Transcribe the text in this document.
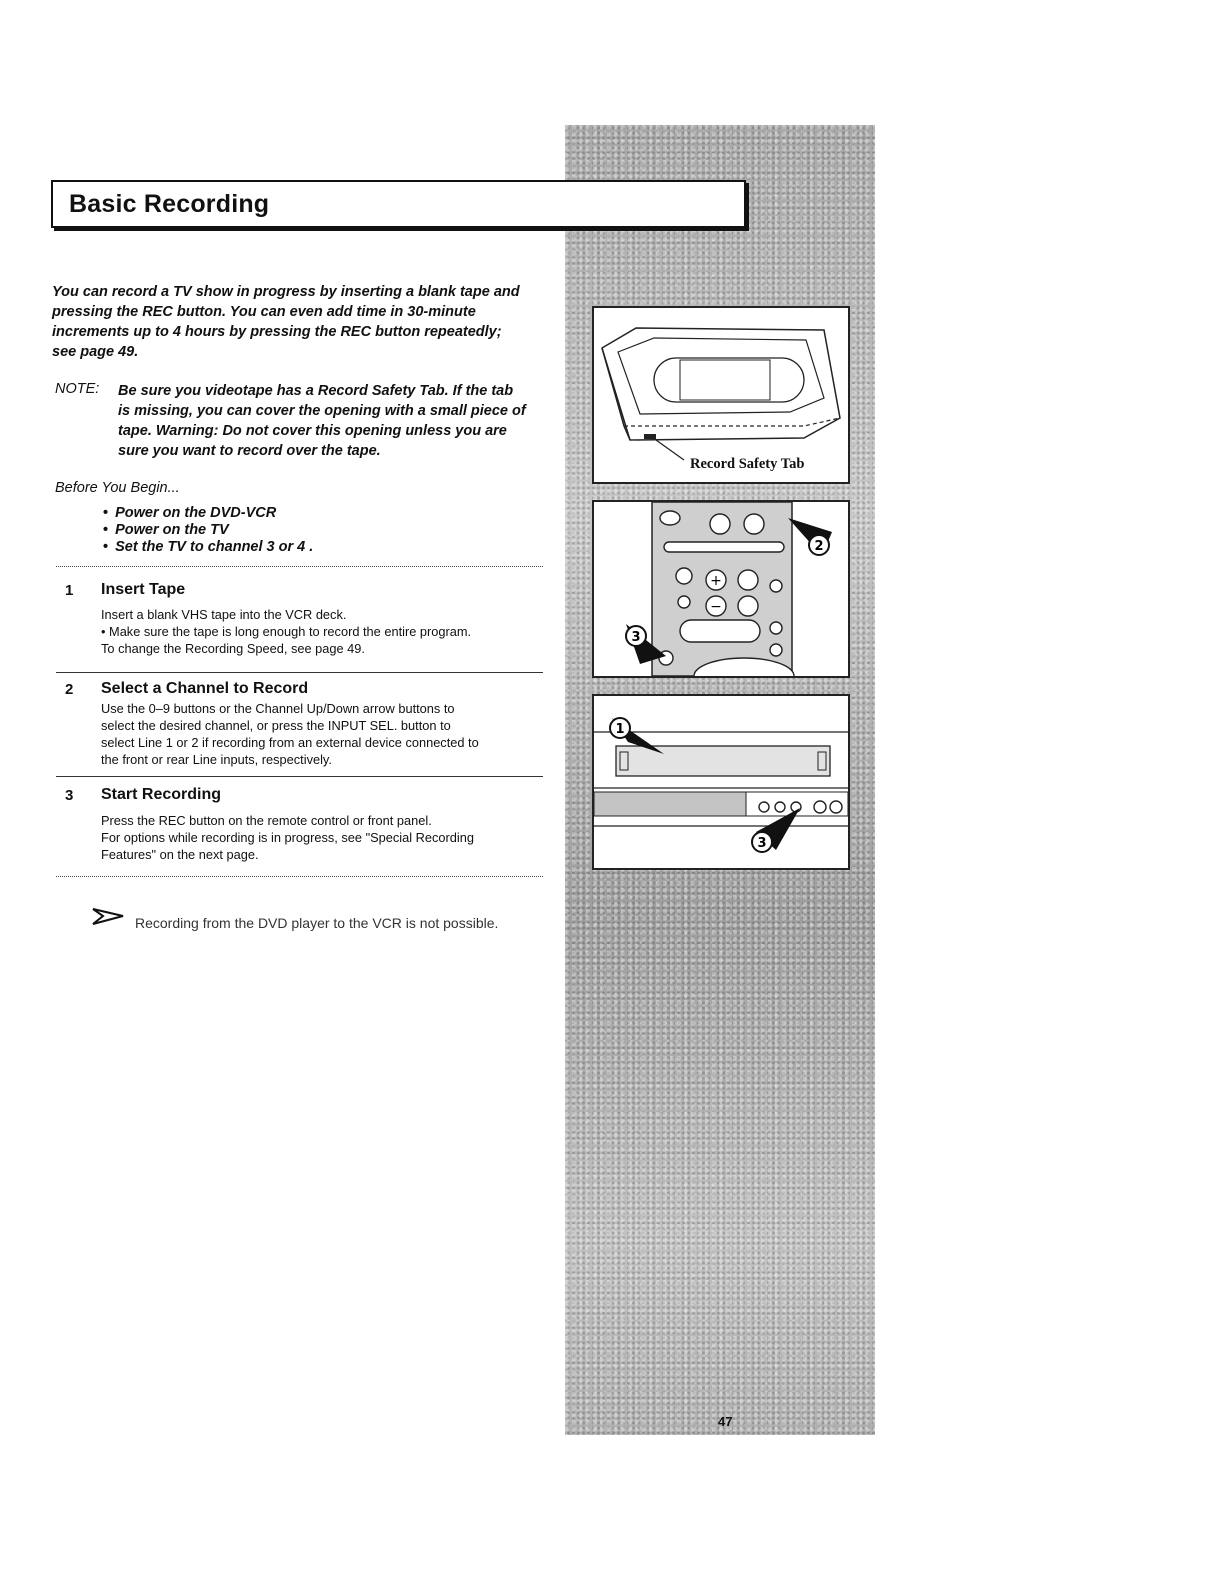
Basic Recording
You can record a TV show in progress by inserting a blank tape and
pressing the REC button. You can even add time in 30-minute
increments up to 4 hours by pressing the REC button repeatedly;
see page 49.
NOTE: Be sure you videotape has a Record Safety Tab. If the tab
is missing, you can cover the opening with a small piece of
tape. Warning: Do not cover this opening unless you are
sure you want to record over the tape.
Before You Begin...
• Power on the DVD-VCR
• Power on the TV
• Set the TV to channel 3 or 4 .
1 Insert Tape
Insert a blank VHS tape into the VCR deck.
• Make sure the tape is long enough to record the entire program.
To change the Recording Speed, see page 49.
2 Select a Channel to Record
Use the 0–9 buttons or the Channel Up/Down arrow buttons to
select the desired channel, or press the INPUT SEL. button to
select Line 1 or 2 if recording from an external device connected to
the front or rear Line inputs, respectively.
3 Start Recording
Press the REC button on the remote control or front panel.
For options while recording is in progress, see "Special Recording
Features" on the next page.
Recording from the DVD player to the VCR is not possible.
Record Safety Tab
+
−
2
3
1
3
47
